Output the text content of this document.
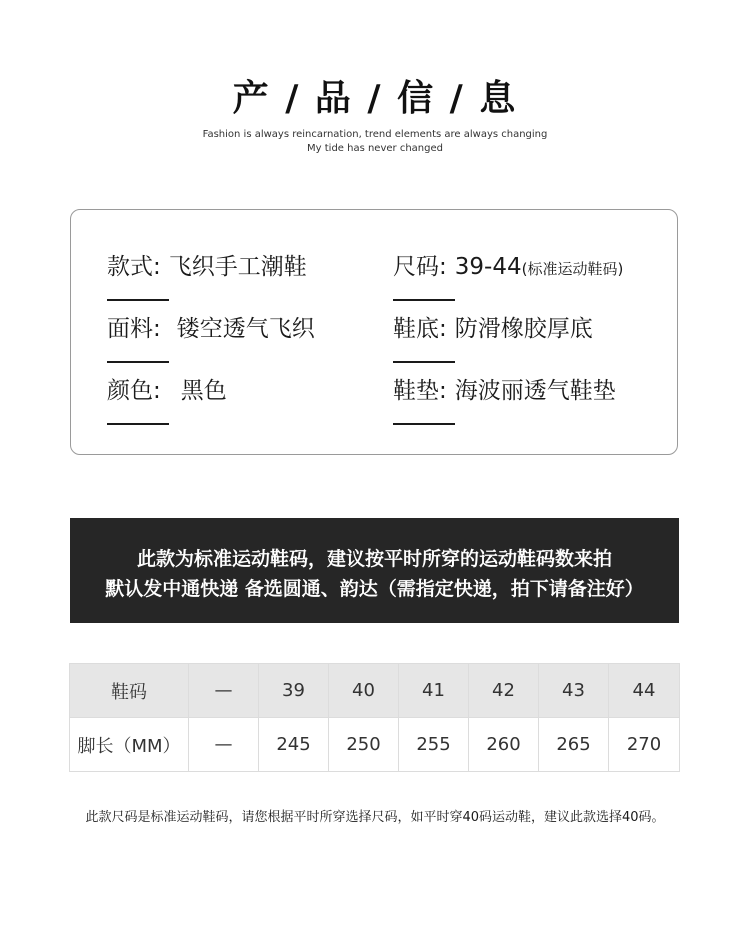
产 / 品 / 信 / 息
Fashion is always reincarnation, trend elements are always changing
My tide has never changed
款式: 飞织手工潮鞋	尺码: 39-44 (标准运动鞋码)
面料: 镂空透气飞织	鞋底: 防滑橡胶厚底
颜色: 黑色	鞋垫: 海波丽透气鞋垫
此款为标准运动鞋码，建议按平时所穿的运动鞋码数来拍
默认发中通快递 备选圆通、韵达（需指定快递，拍下请备注好）
鞋码	—	39	40	41	42	43	44
脚长（MM）	—	245	250	255	260	265	270
此款尺码是标准运动鞋码，请您根据平时所穿选择尺码，如平时穿40码运动鞋，建议此款选择40码。
